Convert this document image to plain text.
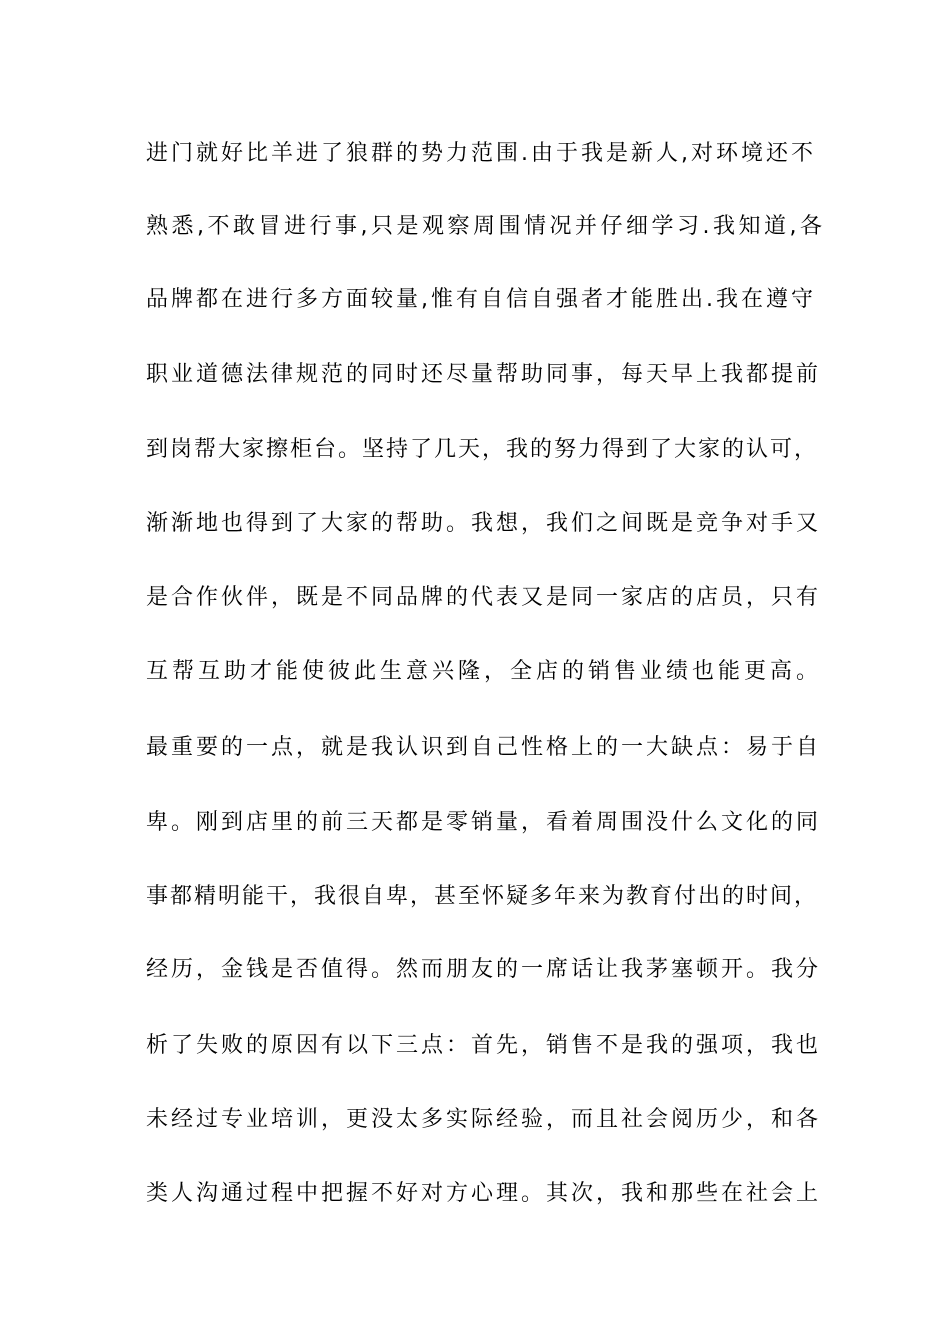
进门就好比羊进了狼群的势力范围.由于我是新人,对环境还不
熟悉,不敢冒进行事,只是观察周围情况并仔细学习.我知道,各
品牌都在进行多方面较量,惟有自信自强者才能胜出.我在遵守
职业道德法律规范的同时还尽量帮助同事，每天早上我都提前
到岗帮大家擦柜台。坚持了几天，我的努力得到了大家的认可，
渐渐地也得到了大家的帮助。我想，我们之间既是竞争对手又
是合作伙伴，既是不同品牌的代表又是同一家店的店员，只有
互帮互助才能使彼此生意兴隆，全店的销售业绩也能更高。
最重要的一点，就是我认识到自己性格上的一大缺点：易于自
卑。刚到店里的前三天都是零销量，看着周围没什么文化的同
事都精明能干，我很自卑，甚至怀疑多年来为教育付出的时间，
经历，金钱是否值得。然而朋友的一席话让我茅塞顿开。我分
析了失败的原因有以下三点：首先，销售不是我的强项，我也
未经过专业培训，更没太多实际经验，而且社会阅历少，和各
类人沟通过程中把握不好对方心理。其次，我和那些在社会上
